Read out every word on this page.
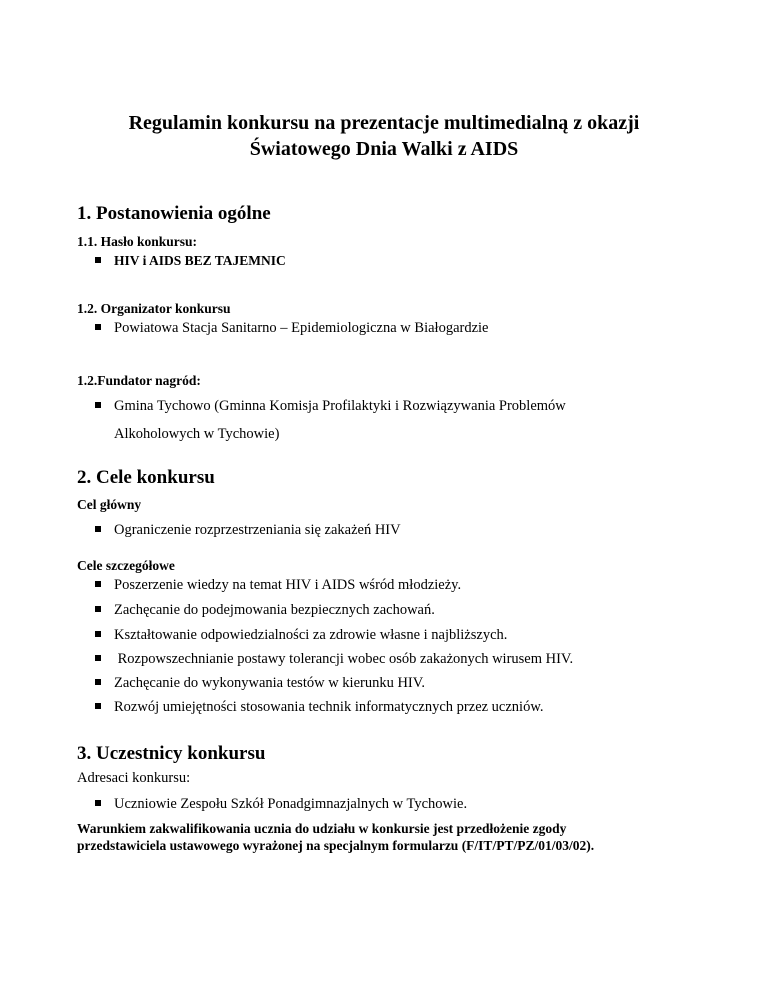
Regulamin konkursu na prezentacje multimedialną z okazji
Światowego Dnia Walki z AIDS
1. Postanowienia ogólne
1.1. Hasło konkursu:
HIV i AIDS BEZ TAJEMNIC
1.2. Organizator konkursu
Powiatowa Stacja Sanitarno – Epidemiologiczna w Białogardzie
1.2.Fundator nagród:
Gmina Tychowo (Gminna Komisja Profilaktyki i Rozwiązywania Problemów
Alkoholowych w Tychowie)
2. Cele konkursu
Cel główny
Ograniczenie rozprzestrzeniania się zakażeń HIV
Cele szczegółowe
Poszerzenie wiedzy na temat HIV i AIDS wśród młodzieży.
Zachęcanie do podejmowania bezpiecznych zachowań.
Kształtowanie odpowiedzialności za zdrowie własne i najbliższych.
Rozpowszechnianie postawy tolerancji wobec osób zakażonych wirusem HIV.
Zachęcanie do wykonywania testów w kierunku HIV.
Rozwój umiejętności stosowania technik informatycznych przez uczniów.
3. Uczestnicy konkursu
Adresaci konkursu:
Uczniowie Zespołu Szkół Ponadgimnazjalnych w Tychowie.
Warunkiem zakwalifikowania ucznia do udziału w konkursie jest przedłożenie zgody
przedstawiciela ustawowego wyrażonej na specjalnym formularzu (F/IT/PT/PZ/01/03/02).
